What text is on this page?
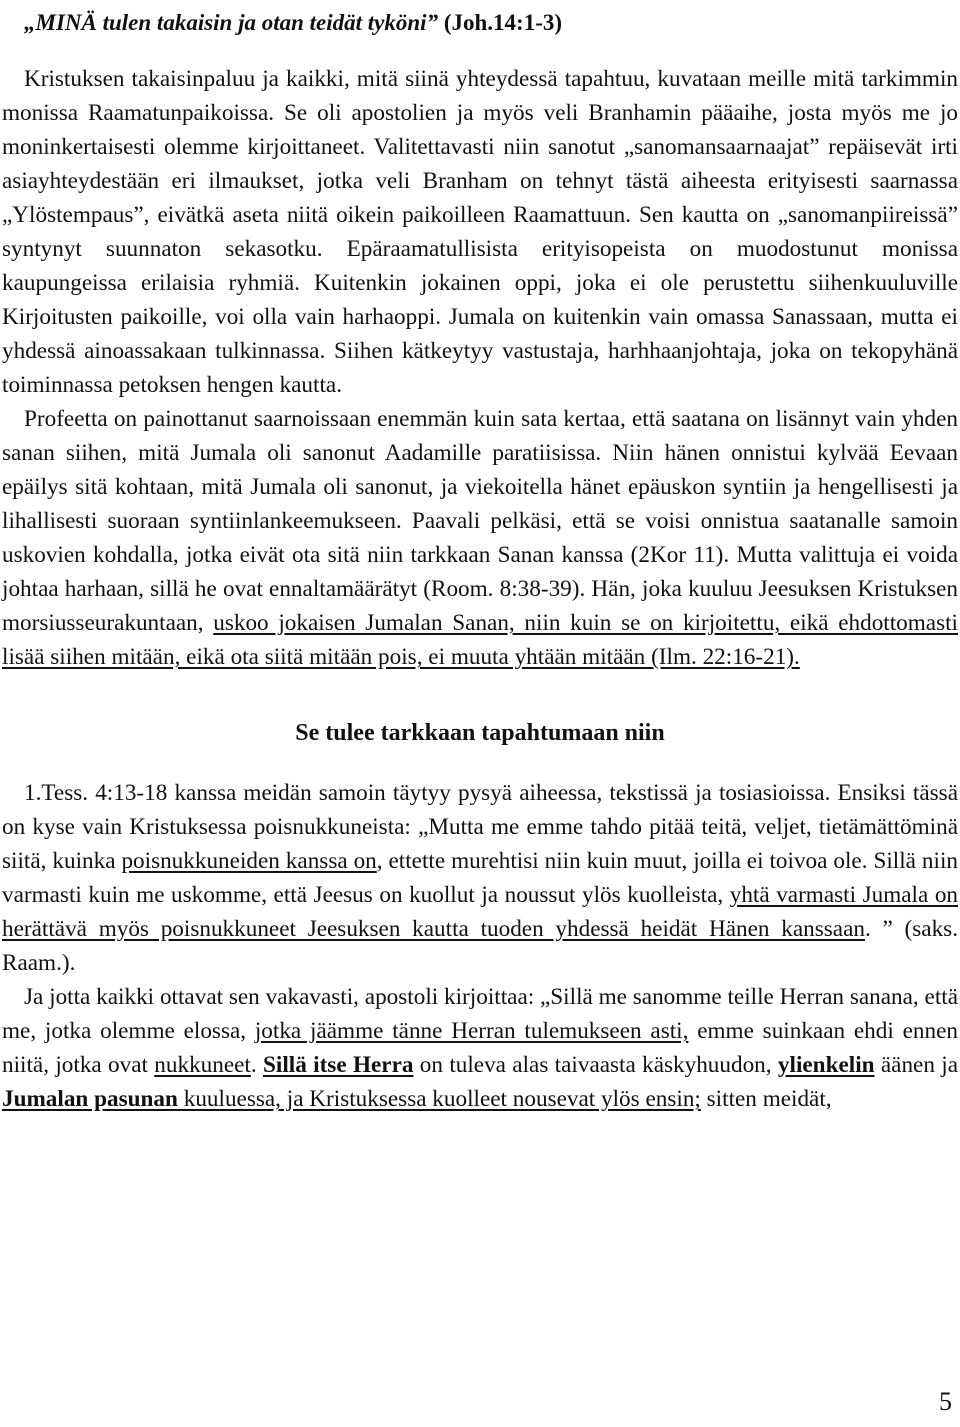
„MINÄ tulen takaisin ja otan teidät tyköni” (Joh.14:1-3)

Kristuksen takaisinpaluu ja kaikki, mitä siinä yhteydessä tapahtuu, kuvataan meille mitä tarkimmin monissa Raamatunpaikoissa. Se oli apostolien ja myös veli Branhamin pääaihe, josta myös me jo moninkertaisesti olemme kirjoittaneet. Valitettavasti niin sanotut „sanomansaarnaajat” repäisevät irti asiayhteydestään eri ilmaukset, jotka veli Branham on tehnyt tästä aiheesta erityisesti saarnassa „Ylöstempaus”, eivätkä aseta niitä oikein paikoilleen Raamattuun. Sen kautta on „sanomanpiireissä” syntynyt suunnaton sekasotku. Epäraamatullisista erityisopeista on muodostunut monissa kaupungeissa erilaisia ryhmiä. Kuitenkin jokainen oppi, joka ei ole perustettu siihenkuuluville Kirjoitusten paikoille, voi olla vain harhaoppi. Jumala on kuitenkin vain omassa Sanassaan, mutta ei yhdessä ainoassakaan tulkinnassa. Siihen kätkeytyy vastustaja, harhhaanjohtaja, joka on tekopyhänä toiminnassa petoksen hengen kautta.

Profeetta on painottanut saarnoissaan enemmän kuin sata kertaa, että saatana on lisännyt vain yhden sanan siihen, mitä Jumala oli sanonut Aadamille paratiisissa. Niin hänen onnistui kylvää Eevaan epäilys sitä kohtaan, mitä Jumala oli sanonut, ja viekoitella hänet epäuskon syntiin ja hengellisesti ja lihallisesti suoraan syntiinlankeemukseen. Paavali pelkäsi, että se voisi onnistua saatanalle samoin uskovien kohdalla, jotka eivät ota sitä niin tarkkaan Sanan kanssa (2Kor 11). Mutta valittuja ei voida johtaa harhaan, sillä he ovat ennaltamäärätyt (Room. 8:38-39). Hän, joka kuuluu Jeesuksen Kristuksen morsiusseurakuntaan, uskoo jokaisen Jumalan Sanan, niin kuin se on kirjoitettu, eikä ehdottomasti lisää siihen mitään, eikä ota siitä mitään pois, ei muuta yhtään mitään (Ilm. 22:16-21).

Se tulee tarkkaan tapahtumaan niin

1.Tess. 4:13-18 kanssa meidän samoin täytyy pysyä aiheessa, tekstissä ja tosiasioissa. Ensiksi tässä on kyse vain Kristuksessa poisnukkuneista: „Mutta me emme tahdo pitää teitä, veljet, tietämättöminä siitä, kuinka poisnukkuneiden kanssa on, ettette murehtisi niin kuin muut, joilla ei toivoa ole. Sillä niin varmasti kuin me uskomme, että Jeesus on kuollut ja noussut ylös kuolleista, yhtä varmasti Jumala on herättävä myös poisnukkuneet Jeesuksen kautta tuoden yhdessä heidät Hänen kanssaan. ” (saks. Raam.).

Ja jotta kaikki ottavat sen vakavasti, apostoli kirjoittaa: „Sillä me sanomme teille Herran sanana, että me, jotka olemme elossa, jotka jäämme tänne Herran tulemukseen asti, emme suinkaan ehdi ennen niitä, jotka ovat nukkuneet. Sillä itse Herra on tuleva alas taivaasta käskyhuudon, ylienkelin äänen ja Jumalan pasunan kuuluessa, ja Kristuksessa kuolleet nousevat ylös ensin; sitten meidät,

5
